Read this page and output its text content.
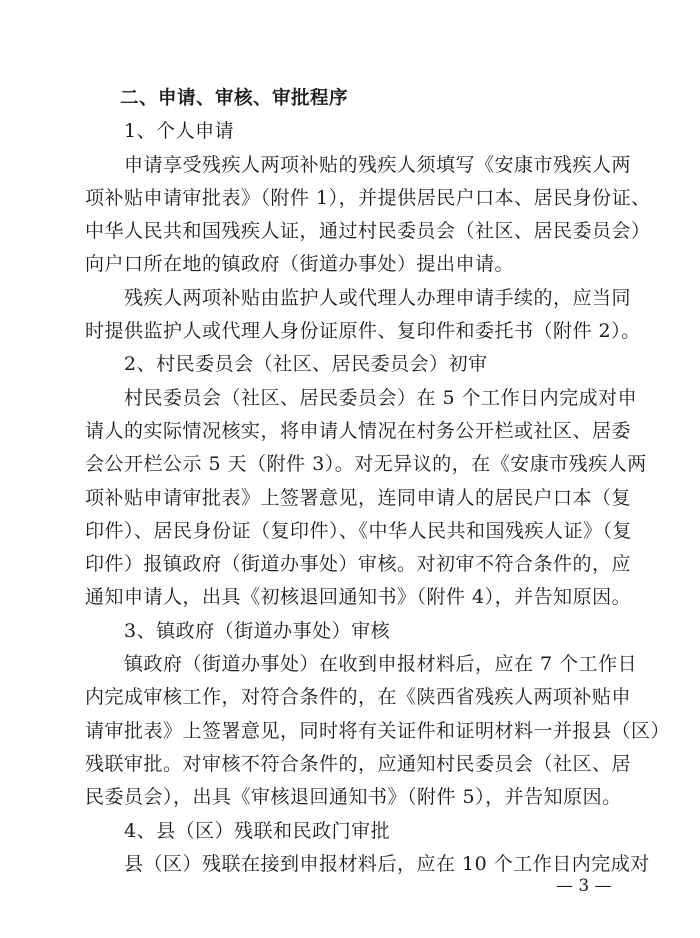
二、申请、审核、审批程序
1、个人申请
申请享受残疾人两项补贴的残疾人须填写《安康市残疾人两
项补贴申请审批表》（附件 1），并提供居民户口本、居民身份证、
中华人民共和国残疾人证，通过村民委员会（社区、居民委员会）
向户口所在地的镇政府（街道办事处）提出申请。
残疾人两项补贴由监护人或代理人办理申请手续的，应当同
时提供监护人或代理人身份证原件、复印件和委托书（附件 2）。
2、村民委员会（社区、居民委员会）初审
村民委员会（社区、居民委员会）在 5 个工作日内完成对申
请人的实际情况核实，将申请人情况在村务公开栏或社区、居委
会公开栏公示 5 天（附件 3）。对无异议的，在《安康市残疾人两
项补贴申请审批表》上签署意见，连同申请人的居民户口本（复
印件）、居民身份证（复印件）、《中华人民共和国残疾人证》（复
印件）报镇政府（街道办事处）审核。对初审不符合条件的，应
通知申请人，出具《初核退回通知书》（附件 4），并告知原因。
3、镇政府（街道办事处）审核
镇政府（街道办事处）在收到申报材料后，应在 7 个工作日
内完成审核工作，对符合条件的，在《陕西省残疾人两项补贴申
请审批表》上签署意见，同时将有关证件和证明材料一并报县（区）
残联审批。对审核不符合条件的，应通知村民委员会（社区、居
民委员会），出具《审核退回通知书》（附件 5），并告知原因。
4、县（区）残联和民政门审批
县（区）残联在接到申报材料后，应在 10 个工作日内完成对
— 3 —
